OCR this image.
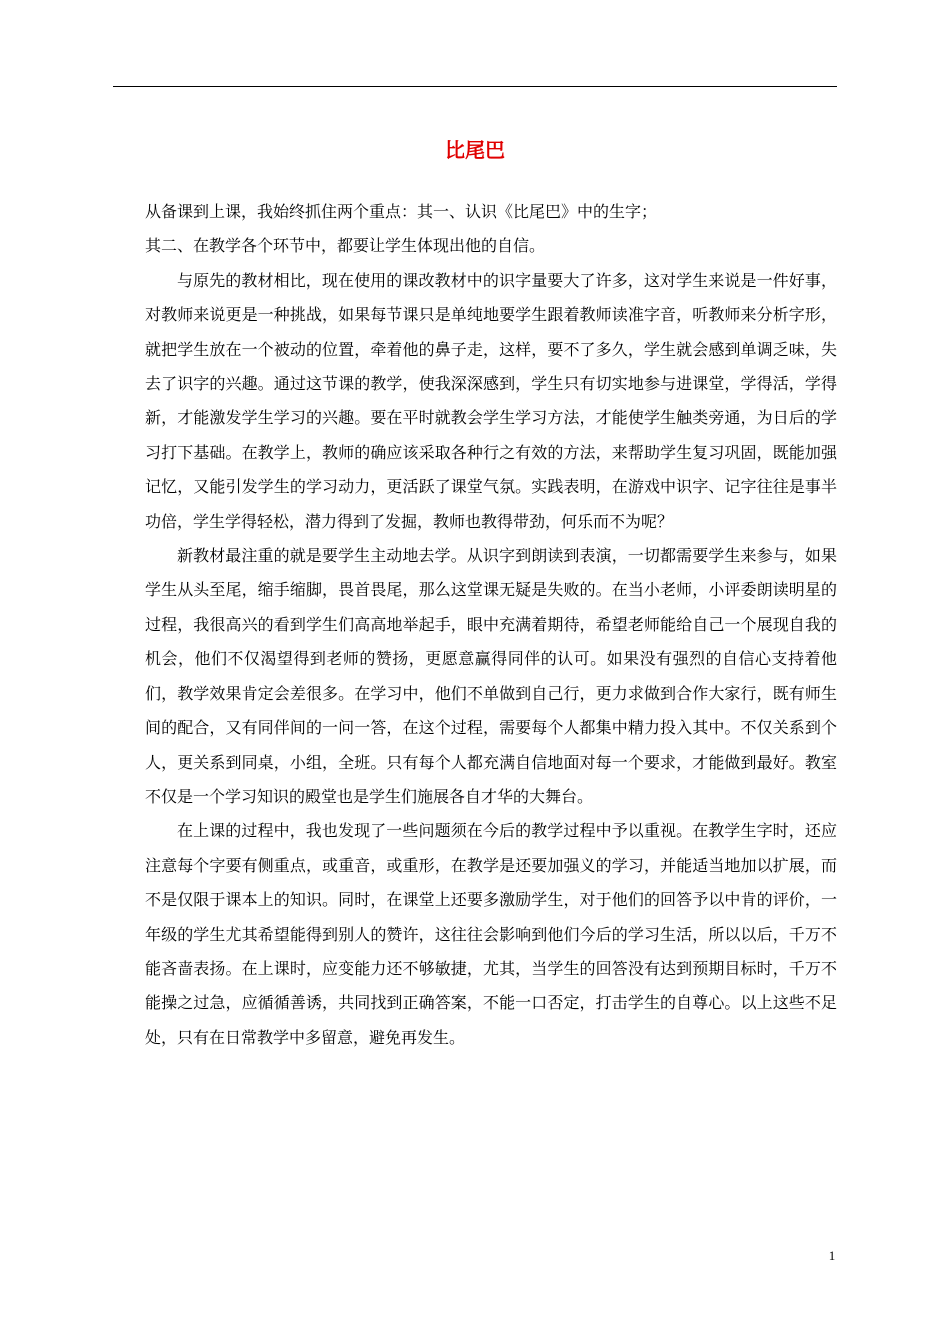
比尾巴

从备课到上课，我始终抓住两个重点：其一、认识《比尾巴》中的生字；

其二、在教学各个环节中，都要让学生体现出他的自信。

与原先的教材相比，现在使用的课改教材中的识字量要大了许多，这对学生来说是一件好事，对教师来说更是一种挑战，如果每节课只是单纯地要学生跟着教师读准字音，听教师来分析字形，就把学生放在一个被动的位置，牵着他的鼻子走，这样，要不了多久，学生就会感到单调乏味，失去了识字的兴趣。通过这节课的教学，使我深深感到，学生只有切实地参与进课堂，学得活，学得新，才能激发学生学习的兴趣。要在平时就教会学生学习方法，才能使学生触类旁通，为日后的学习打下基础。在教学上，教师的确应该采取各种行之有效的方法，来帮助学生复习巩固，既能加强记忆，又能引发学生的学习动力，更活跃了课堂气氛。实践表明，在游戏中识字、记字往往是事半功倍，学生学得轻松，潜力得到了发掘，教师也教得带劲，何乐而不为呢？

新教材最注重的就是要学生主动地去学。从识字到朗读到表演，一切都需要学生来参与，如果学生从头至尾，缩手缩脚，畏首畏尾，那么这堂课无疑是失败的。在当小老师，小评委朗读明星的过程，我很高兴的看到学生们高高地举起手，眼中充满着期待，希望老师能给自己一个展现自我的机会，他们不仅渴望得到老师的赞扬，更愿意赢得同伴的认可。如果没有强烈的自信心支持着他们，教学效果肯定会差很多。在学习中，他们不单做到自己行，更力求做到合作大家行，既有师生间的配合，又有同伴间的一问一答，在这个过程，需要每个人都集中精力投入其中。不仅关系到个人，更关系到同桌，小组，全班。只有每个人都充满自信地面对每一个要求，才能做到最好。教室不仅是一个学习知识的殿堂也是学生们施展各自才华的大舞台。

在上课的过程中，我也发现了一些问题须在今后的教学过程中予以重视。在教学生字时，还应注意每个字要有侧重点，或重音，或重形，在教学是还要加强义的学习，并能适当地加以扩展，而不是仅限于课本上的知识。同时，在课堂上还要多激励学生，对于他们的回答予以中肯的评价，一年级的学生尤其希望能得到别人的赞许，这往往会影响到他们今后的学习生活，所以以后，千万不能吝啬表扬。在上课时，应变能力还不够敏捷，尤其，当学生的回答没有达到预期目标时，千万不能操之过急，应循循善诱，共同找到正确答案，不能一口否定，打击学生的自尊心。以上这些不足处，只有在日常教学中多留意，避免再发生。

1
